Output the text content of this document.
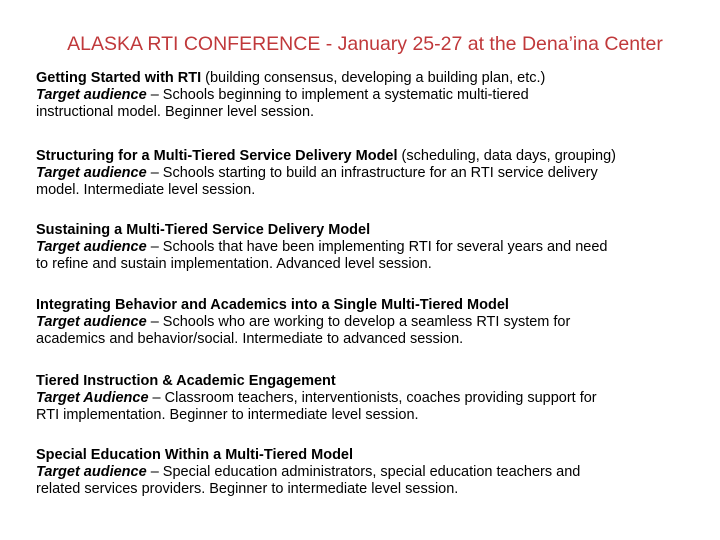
ALASKA RTI CONFERENCE - January 25-27 at the Dena’ina Center
Getting Started with RTI (building consensus, developing a building plan, etc.)
Target audience – Schools beginning to implement a systematic multi-tiered
instructional model. Beginner level session.
Structuring for a Multi-Tiered Service Delivery Model (scheduling, data days, grouping)
Target audience – Schools starting to build an infrastructure for an RTI service delivery
model. Intermediate level session.
Sustaining a Multi-Tiered Service Delivery Model
Target audience – Schools that have been implementing RTI for several years and need
to refine and sustain implementation. Advanced level session.
Integrating Behavior and Academics into a Single Multi-Tiered Model
Target audience – Schools who are working to develop a seamless RTI system for
academics and behavior/social. Intermediate to advanced session.
Tiered Instruction & Academic Engagement
Target Audience – Classroom teachers, interventionists, coaches providing support for
RTI implementation. Beginner to intermediate level session.
Special Education Within a Multi-Tiered Model
Target audience – Special education administrators, special education teachers and
related services providers. Beginner to intermediate level session.
